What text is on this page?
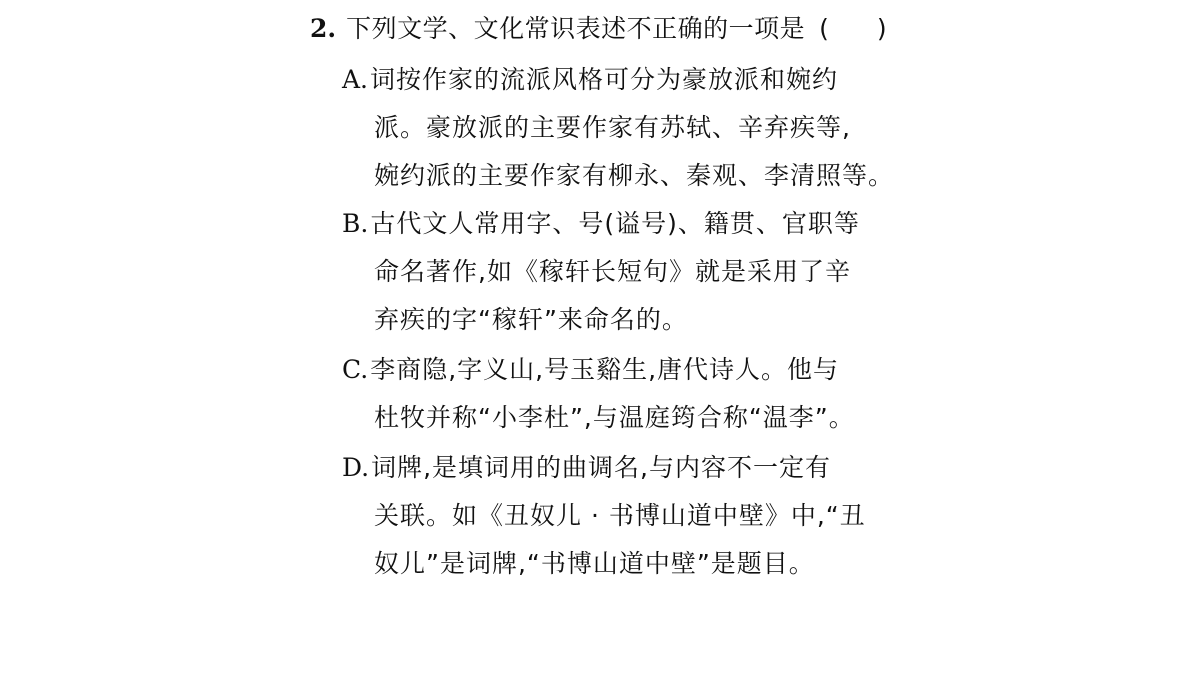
2. 下列文学、文化常识表述不正确的一项是 ( )
A.词按作家的流派风格可分为豪放派和婉约
派。豪放派的主要作家有苏轼、辛弃疾等,
婉约派的主要作家有柳永、秦观、李清照等。
B.古代文人常用字、号(谥号)、籍贯、官职等
命名著作,如《稼轩长短句》就是采用了辛
弃疾的字“稼轩”来命名的。
C.李商隐,字义山,号玉谿生,唐代诗人。他与
杜牧并称“小李杜”,与温庭筠合称“温李”。
D.词牌,是填词用的曲调名,与内容不一定有
关联。如《丑奴儿 · 书博山道中壁》中,“丑
奴儿”是词牌,“书博山道中壁”是题目。
